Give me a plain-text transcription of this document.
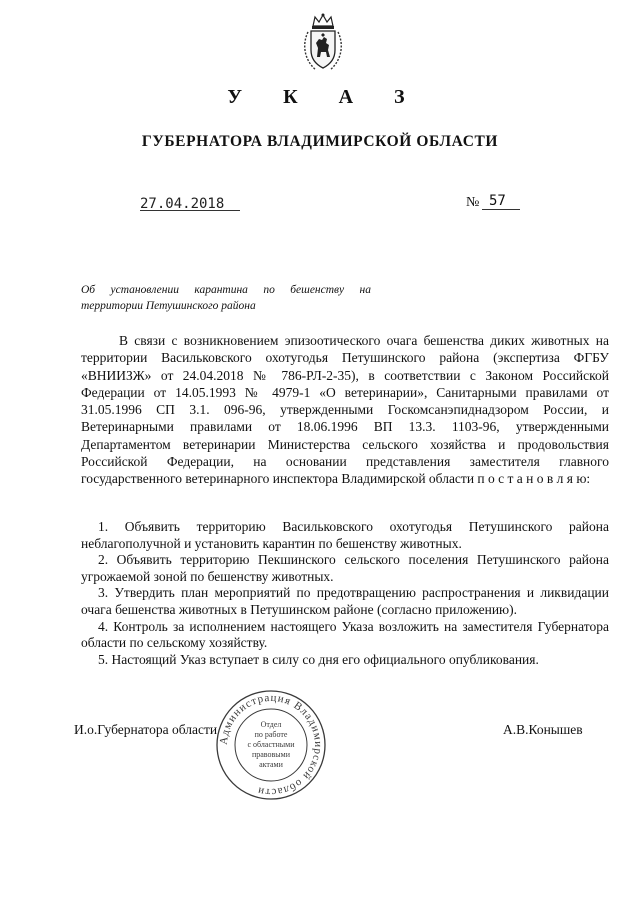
У К А З
ГУБЕРНАТОРА ВЛАДИМИРСКОЙ ОБЛАСТИ
27.04.2018	№ 57
Об установлении карантина по бешенству на территории Петушинского района

В связи с возникновением эпизоотического очага бешенства диких животных на территории Васильковского охотугодья Петушинского района (экспертиза ФГБУ «ВНИИЗЖ» от 24.04.2018 № 786-РЛ-2-35), в соответствии с Законом Российской Федерации от 14.05.1993 № 4979-1 «О ветеринарии», Санитарными правилами от 31.05.1996 СП 3.1. 096-96, утвержденными Госкомсанэпиднадзором России, и Ветеринарными правилами от 18.06.1996 ВП 13.3. 1103-96, утвержденными Департаментом ветеринарии Министерства сельского хозяйства и продовольствия Российской Федерации, на основании представления заместителя главного государственного ветеринарного инспектора Владимирской области п о с т а н о в л я ю:

1. Объявить территорию Васильковского охотугодья Петушинского района неблагополучной и установить карантин по бешенству животных.

2. Объявить территорию Пекшинского сельского поселения Петушинского района угрожаемой зоной по бешенству животных.

3. Утвердить план мероприятий по предотвращению распространения и ликвидации очага бешенства животных в Петушинском районе (согласно приложению).

4. Контроль за исполнением настоящего Указа возложить на заместителя Губернатора области по сельскому хозяйству.

5. Настоящий Указ вступает в силу со дня его официального опубликования.

И.о.Губернатора области	А.В.Конышев
Администрация Владимирской области
Отдел
по работе
с областными
правовыми
актами
